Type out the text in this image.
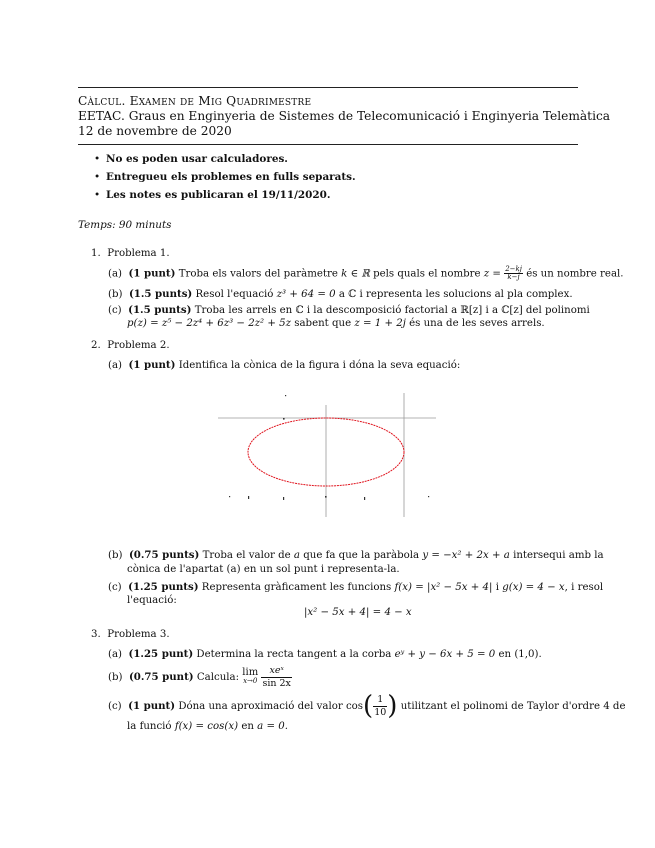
Càlcul. Examen de Mig Quadrimestre
EETAC. Graus en Enginyeria de Sistemes de Telecomunicació i Enginyeria Telemàtica
12 de novembre de 2020
• No es poden usar calculadores.
• Entregueu els problemes en fulls separats.
• Les notes es publicaran el 19/11/2020.
Temps: 90 minuts
1. Problema 1.
(a) (1 punt) Troba els valors del paràmetre k ∈ ℝ pels quals el nombre $z = \frac{2-kj}{k-j}$ és un nombre real.
(b) (1.5 punts) Resol l'equació z³ + 64 = 0 a ℂ i representa les solucions al pla complex.
(c) (1.5 punts) Troba les arrels en ℂ i la descomposició factorial a ℝ[z] i a ℂ[z] del polinomi
p(z) = z⁵ − 2z⁴ + 6z³ − 2z² + 5z sabent que z = 1 + 2j és una de les seves arrels.
2. Problema 2.
(a) (1 punt) Identifica la cònica de la figura i dóna la seva equació:
(b) (0.75 punts) Troba el valor de a que fa que la paràbola y = −x² + 2x + a intersequi amb la
cònica de l'apartat (a) en un sol punt i representa-la.
(c) (1.25 punts) Representa gràficament les funcions f(x) = |x² − 5x + 4| i g(x) = 4 − x, i resol
l'equació:
|x² − 5x + 4| = 4 − x
3. Problema 3.
(a) (1.25 punt) Determina la recta tangent a la corba eʸ + y − 6x + 5 = 0 en (1,0).
(b) (0.75 punt) Calcula: lim
x→0
$\frac{\text{xeˣ}}{\sin 2x}$
(c) (1 punt) Dóna una aproximació del valor $\cos( \frac{1}{10}$ ) utilitzant el polinomi de Taylor d'ordre 4 de
la funció f(x) = cos(x) en a = 0.
